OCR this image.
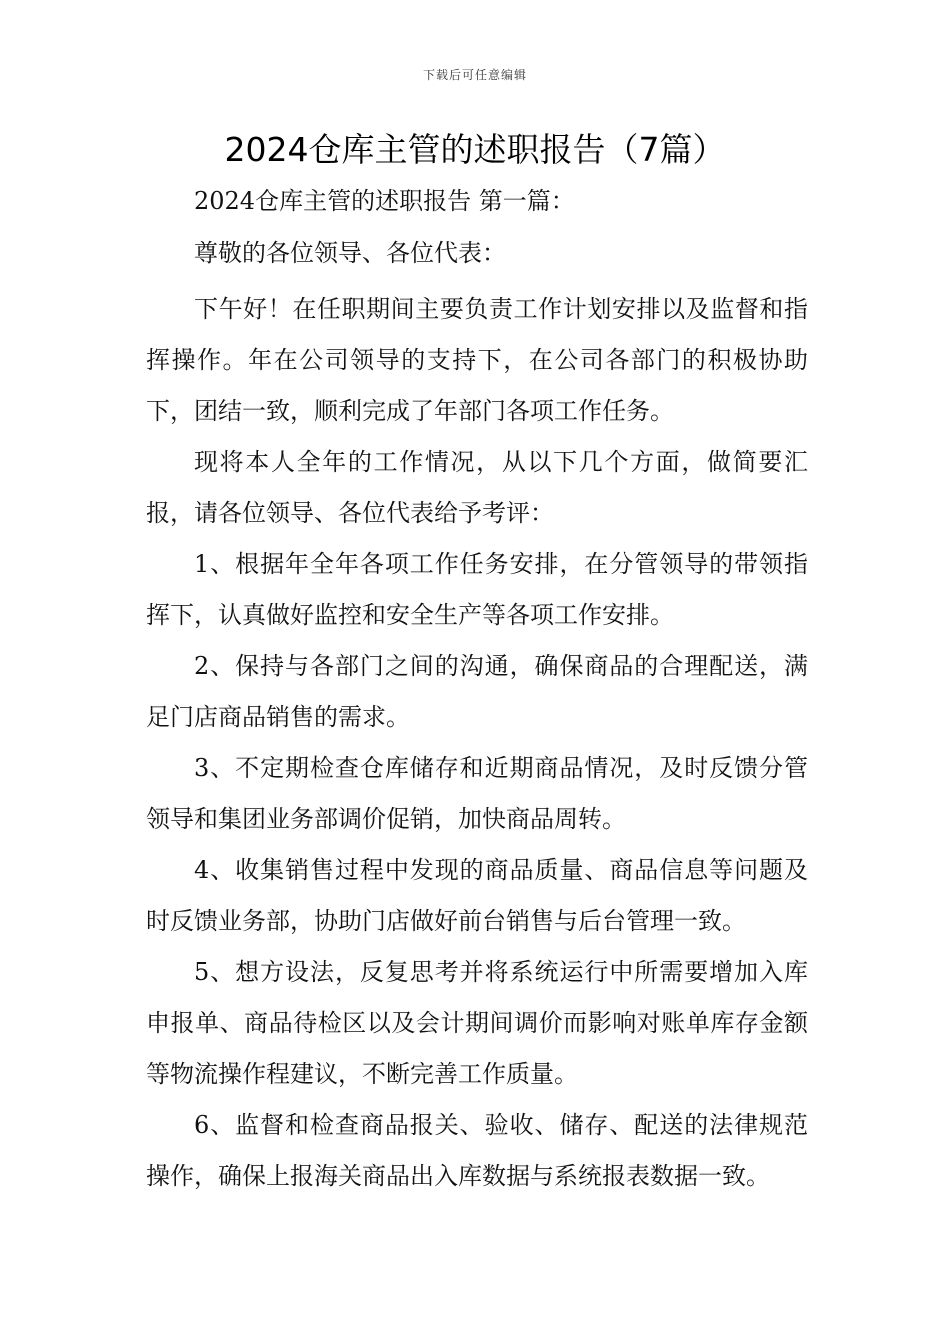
下载后可任意编辑
2024仓库主管的述职报告（7篇）

2024仓库主管的述职报告 第一篇：

尊敬的各位领导、各位代表：

下午好！在任职期间主要负责工作计划安排以及监督和指挥操作。年在公司领导的支持下，在公司各部门的积极协助下，团结一致，顺利完成了年部门各项工作任务。

现将本人全年的工作情况，从以下几个方面，做简要汇报，请各位领导、各位代表给予考评：

1、根据年全年各项工作任务安排，在分管领导的带领指挥下，认真做好监控和安全生产等各项工作安排。

2、保持与各部门之间的沟通，确保商品的合理配送，满足门店商品销售的需求。

3、不定期检查仓库储存和近期商品情况，及时反馈分管领导和集团业务部调价促销，加快商品周转。

4、收集销售过程中发现的商品质量、商品信息等问题及时反馈业务部，协助门店做好前台销售与后台管理一致。

5、想方设法，反复思考并将系统运行中所需要增加入库申报单、商品待检区以及会计期间调价而影响对账单库存金额等物流操作程建议，不断完善工作质量。

6、监督和检查商品报关、验收、储存、配送的法律规范操作，确保上报海关商品出入库数据与系统报表数据一致。
